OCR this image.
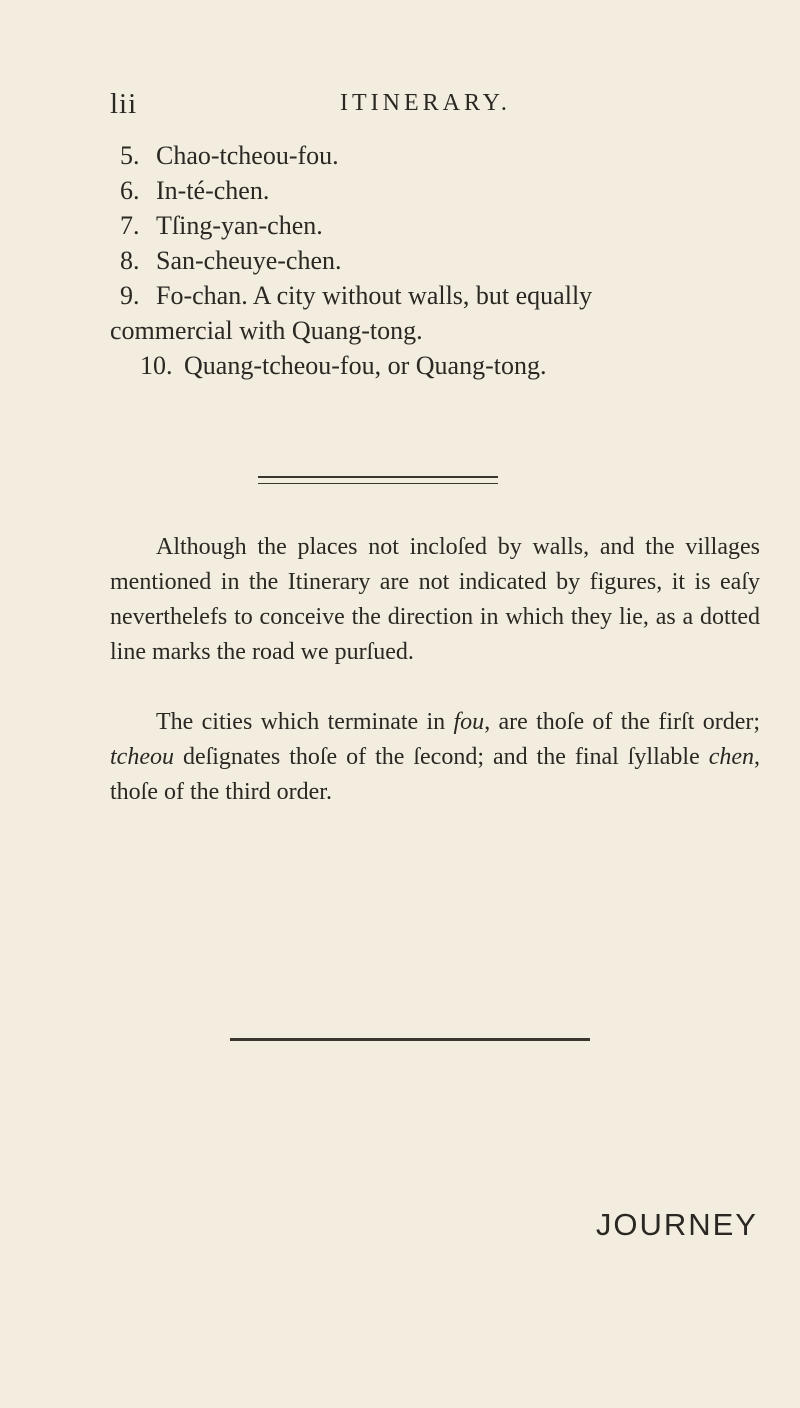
lii	ITINERARY.

5. Chao-tcheou-fou.

6. In-té-chen.

7. Tſing-yan-chen.

8. San-cheuye-chen.

9. Fo-chan. A city without walls, but equally

commercial with Quang-tong.

10. Quang-tcheou-fou, or Quang-tong.

Although the places not incloſed by walls, and the villages mentioned in the Itinerary are not indicated by figures, it is eaſy neverthelefs to conceive the direction in which they lie, as a dotted line marks the road we purſued.

The cities which terminate in fou, are thoſe of the firſt order; tcheou deſignates thoſe of the ſecond; and the final ſyllable chen, thoſe of the third order.

JOURNEY
